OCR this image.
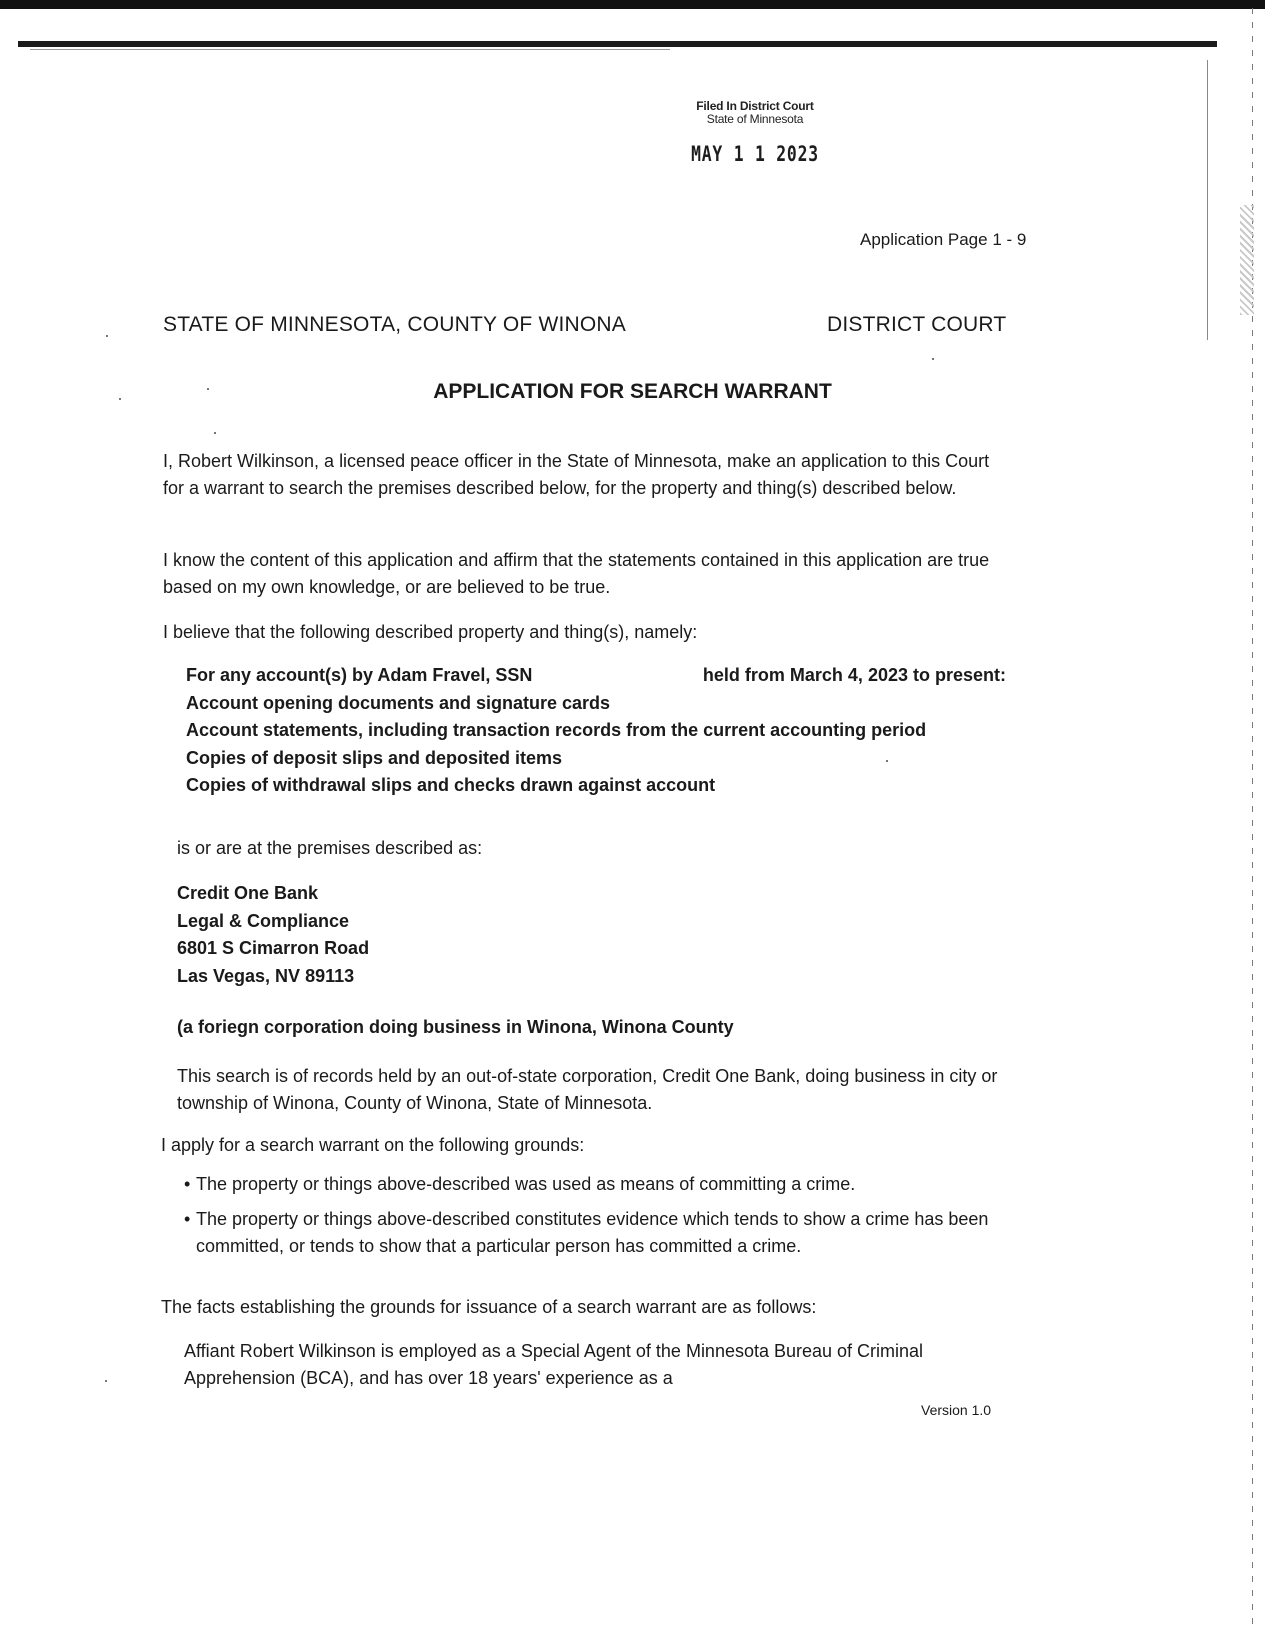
Filed In District Court
State of Minnesota
MAY 1 1 2023
Application Page 1 - 9
STATE OF MINNESOTA, COUNTY OF WINONA	DISTRICT COURT
APPLICATION FOR SEARCH WARRANT
I, Robert Wilkinson, a licensed peace officer in the State of Minnesota, make an application to this Court for a warrant to search the premises described below, for the property and thing(s) described below.
I know the content of this application and affirm that the statements contained in this application are true based on my own knowledge, or are believed to be true.
I believe that the following described property and thing(s), namely:
For any account(s) by Adam Fravel, SSN	held from March 4, 2023 to present:
Account opening documents and signature cards
Account statements, including transaction records from the current accounting period
Copies of deposit slips and deposited items
Copies of withdrawal slips and checks drawn against account
is or are at the premises described as:
Credit One Bank
Legal & Compliance
6801 S Cimarron Road
Las Vegas, NV 89113
(a foriegn corporation doing business in Winona, Winona County
This search is of records held by an out-of-state corporation, Credit One Bank, doing business in city or township of Winona, County of Winona, State of Minnesota.
I apply for a search warrant on the following grounds:
• The property or things above-described was used as means of committing a crime.
• The property or things above-described constitutes evidence which tends to show a crime has been committed, or tends to show that a particular person has committed a crime.
The facts establishing the grounds for issuance of a search warrant are as follows:
Affiant Robert Wilkinson is employed as a Special Agent of the Minnesota Bureau of Criminal Apprehension (BCA), and has over 18 years' experience as a
Version 1.0
